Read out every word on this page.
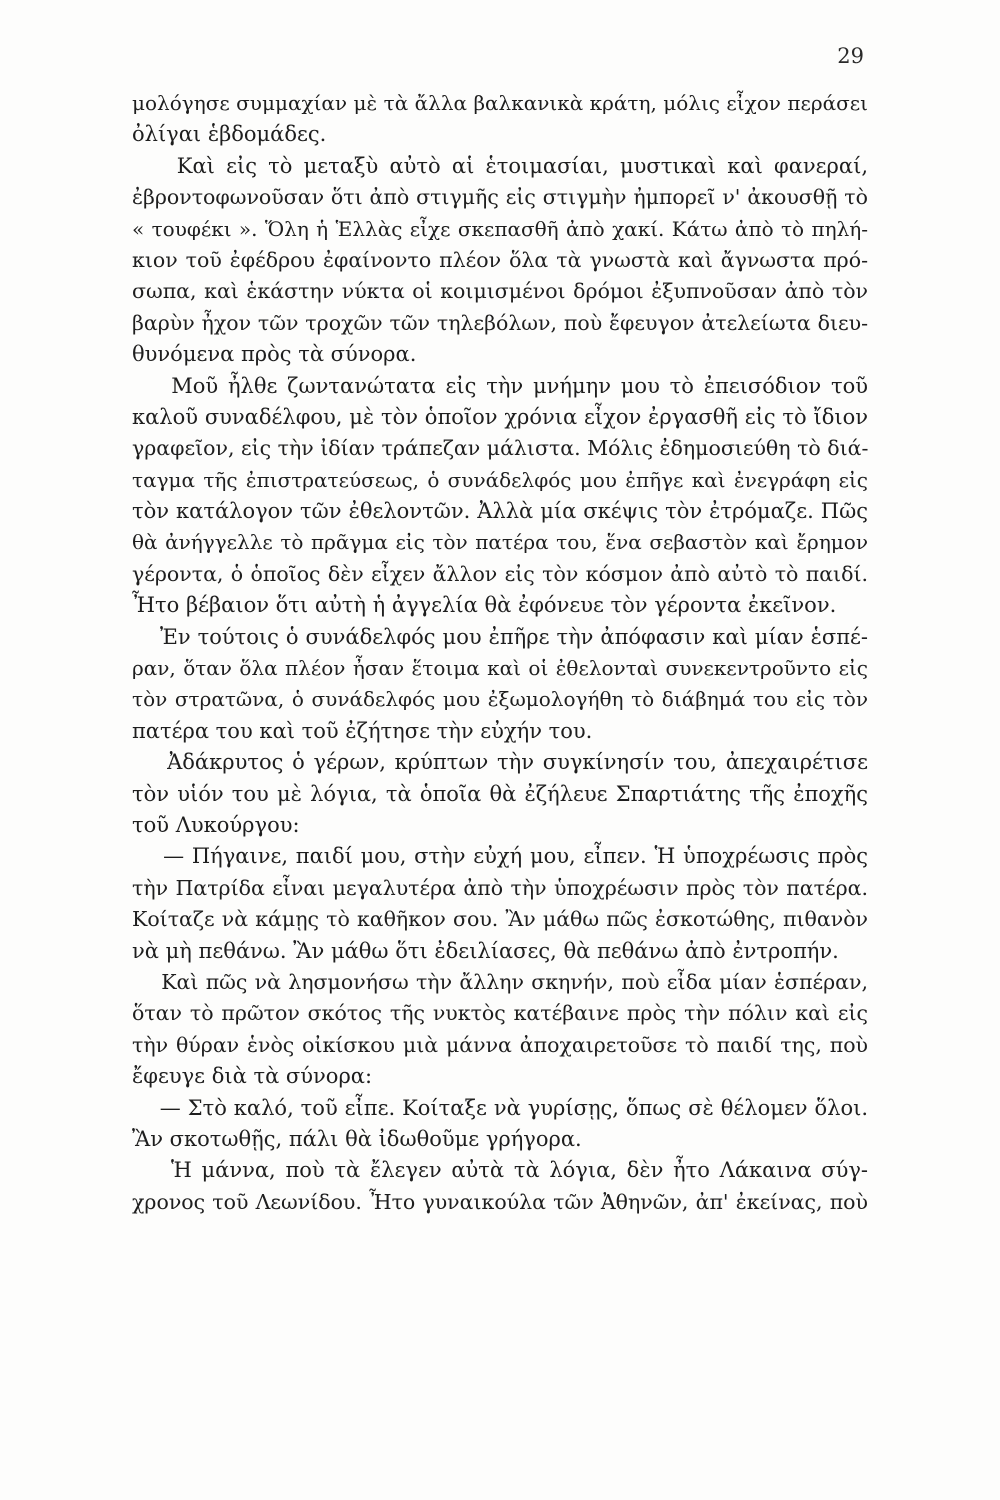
29
μολόγησε συμμαχίαν μὲ τὰ ἄλλα βαλκανικὰ κράτη, μόλις εἶχον περάσει
ὀλίγαι ἑβδομάδες.
Καὶ εἰς τὸ μεταξὺ αὐτὸ αἱ ἑτοιμασίαι, μυστικαὶ καὶ φανεραί,
ἐβροντοφωνοῦσαν ὅτι ἀπὸ στιγμῆς εἰς στιγμὴν ἠμπορεῖ ν' ἀκουσθῇ τὸ
« τουφέκι ». Ὅλη ἡ Ἑλλὰς εἶχε σκεπασθῆ ἀπὸ χακί. Κάτω ἀπὸ τὸ πηλή-
κιον τοῦ ἐφέδρου ἐφαίνοντο πλέον ὅλα τὰ γνωστὰ καὶ ἄγνωστα πρό-
σωπα, καὶ ἑκάστην νύκτα οἱ κοιμισμένοι δρόμοι ἐξυπνοῦσαν ἀπὸ τὸν
βαρὺν ἦχον τῶν τροχῶν τῶν τηλεβόλων, ποὺ ἔφευγον ἀτελείωτα διευ-
θυνόμενα πρὸς τὰ σύνορα.
Μοῦ ἦλθε ζωντανώτατα εἰς τὴν μνήμην μου τὸ ἐπεισόδιον τοῦ
καλοῦ συναδέλφου, μὲ τὸν ὁποῖον χρόνια εἶχον ἐργασθῆ εἰς τὸ ἴδιον
γραφεῖον, εἰς τὴν ἰδίαν τράπεζαν μάλιστα. Μόλις ἐδημοσιεύθη τὸ διά-
ταγμα τῆς ἐπιστρατεύσεως, ὁ συνάδελφός μου ἐπῆγε καὶ ἐνεγράφη εἰς
τὸν κατάλογον τῶν ἐθελοντῶν. Ἀλλὰ μία σκέψις τὸν ἐτρόμαζε. Πῶς
θὰ ἀνήγγελλε τὸ πρᾶγμα εἰς τὸν πατέρα του, ἕνα σεβαστὸν καὶ ἔρημον
γέροντα, ὁ ὁποῖος δὲν εἶχεν ἄλλον εἰς τὸν κόσμον ἀπὸ αὐτὸ τὸ παιδί.
Ἦτο βέβαιον ὅτι αὐτὴ ἡ ἀγγελία θὰ ἐφόνευε τὸν γέροντα ἐκεῖνον.
Ἐν τούτοις ὁ συνάδελφός μου ἐπῆρε τὴν ἀπόφασιν καὶ μίαν ἑσπέ-
ραν, ὅταν ὅλα πλέον ἦσαν ἕτοιμα καὶ οἱ ἐθελονταὶ συνεκεντροῦντο εἰς
τὸν στρατῶνα, ὁ συνάδελφός μου ἐξωμολογήθη τὸ διάβημά του εἰς τὸν
πατέρα του καὶ τοῦ ἐζήτησε τὴν εὐχήν του.
Ἀδάκρυτος ὁ γέρων, κρύπτων τὴν συγκίνησίν του, ἀπεχαιρέτισε
τὸν υἱόν του μὲ λόγια, τὰ ὁποῖα θὰ ἐζήλευε Σπαρτιάτης τῆς ἐποχῆς
τοῦ Λυκούργου:
— Πήγαινε, παιδί μου, στὴν εὐχή μου, εἶπεν. Ἡ ὑποχρέωσις πρὸς
τὴν Πατρίδα εἶναι μεγαλυτέρα ἀπὸ τὴν ὑποχρέωσιν πρὸς τὸν πατέρα.
Κοίταζε νὰ κάμῃς τὸ καθῆκον σου. Ἂν μάθω πῶς ἐσκοτώθης, πιθανὸν
νὰ μὴ πεθάνω. Ἂν μάθω ὅτι ἐδειλίασες, θὰ πεθάνω ἀπὸ ἐντροπήν.
Καὶ πῶς νὰ λησμονήσω τὴν ἄλλην σκηνήν, ποὺ εἶδα μίαν ἑσπέραν,
ὅταν τὸ πρῶτον σκότος τῆς νυκτὸς κατέβαινε πρὸς τὴν πόλιν καὶ εἰς
τὴν θύραν ἑνὸς οἰκίσκου μιὰ μάννα ἀποχαιρετοῦσε τὸ παιδί της, ποὺ
ἔφευγε διὰ τὰ σύνορα:
— Στὸ καλό, τοῦ εἶπε. Κοίταξε νὰ γυρίσῃς, ὅπως σὲ θέλομεν ὅλοι.
Ἂν σκοτωθῇς, πάλι θὰ ἰδωθοῦμε γρήγορα.
Ἡ μάννα, ποὺ τὰ ἔλεγεν αὐτὰ τὰ λόγια, δὲν ἦτο Λάκαινα σύγ-
χρονος τοῦ Λεωνίδου. Ἦτο γυναικούλα τῶν Ἀθηνῶν, ἀπ' ἐκείνας, ποὺ
